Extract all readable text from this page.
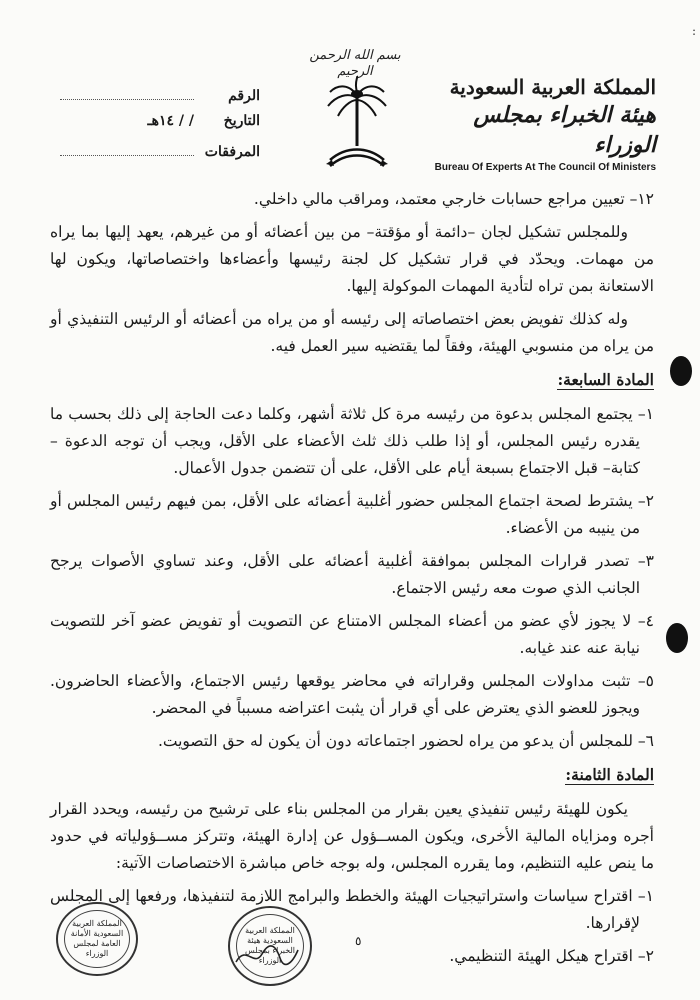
:
بسم الله الرحمن الرحيم
الرقم
التاريخ
/ / ١٤هـ
المرفقات
المملكة العربية السعودية
هيئة الخبراء بمجلس الوزراء
Bureau Of Experts At The Council Of Ministers

١٢– تعيين مراجع حسابات خارجي معتمد، ومراقب مالي داخلي.

وللمجلس تشكيل لجان –دائمة أو مؤقتة– من بين أعضائه أو من غيرهم، يعهد إليها بما يراه من مهمات. ويحدّد في قرار تشكيل كل لجنة رئيسها وأعضاءها واختصاصاتها، ويكون لها الاستعانة بمن تراه لتأدية المهمات الموكولة إليها.

وله كذلك تفويض بعض اختصاصاته إلى رئيسه أو من يراه من أعضائه أو الرئيس التنفيذي أو من يراه من منسوبي الهيئة، وفقاً لما يقتضيه سير العمل فيه.

المادة السابعة:

١– يجتمع المجلس بدعوة من رئيسه مرة كل ثلاثة أشهر، وكلما دعت الحاجة إلى ذلك بحسب ما يقدره رئيس المجلس، أو إذا طلب ذلك ثلث الأعضاء على الأقل، ويجب أن توجه الدعوة –كتابة– قبل الاجتماع بسبعة أيام على الأقل، على أن تتضمن جدول الأعمال.

٢– يشترط لصحة اجتماع المجلس حضور أغلبية أعضائه على الأقل، بمن فيهم رئيس المجلس أو من ينيبه من الأعضاء.

٣– تصدر قرارات المجلس بموافقة أغلبية أعضائه على الأقل، وعند تساوي الأصوات يرجح الجانب الذي صوت معه رئيس الاجتماع.

٤– لا يجوز لأي عضو من أعضاء المجلس الامتناع عن التصويت أو تفويض عضو آخر للتصويت نيابة عنه عند غيابه.

٥– تثبت مداولات المجلس وقراراته في محاضر يوقعها رئيس الاجتماع، والأعضاء الحاضرون. ويجوز للعضو الذي يعترض على أي قرار أن يثبت اعتراضه مسبباً في المحضر.

٦– للمجلس أن يدعو من يراه لحضور اجتماعاته دون أن يكون له حق التصويت.

المادة الثامنة:

يكون للهيئة رئيس تنفيذي يعين بقرار من المجلس بناء على ترشيح من رئيسه، ويحدد القرار أجره ومزاياه المالية الأخرى، ويكون المســؤول عن إدارة الهيئة، وتتركز مســؤولياته في حدود ما ينص عليه التنظيم، وما يقرره المجلس، وله بوجه خاص مباشرة الاختصاصات الآتية:

١– اقتراح سياسات واستراتيجيات الهيئة والخطط والبرامج اللازمة لتنفيذها، ورفعها إلى المجلس لإقرارها.

٢– اقتراح هيكل الهيئة التنظيمي.

المملكة العربية السعودية الأمانة العامة لمجلس الوزراء
المملكة العربية السعودية هيئة الخبراء بمجلس الوزراء
٥
